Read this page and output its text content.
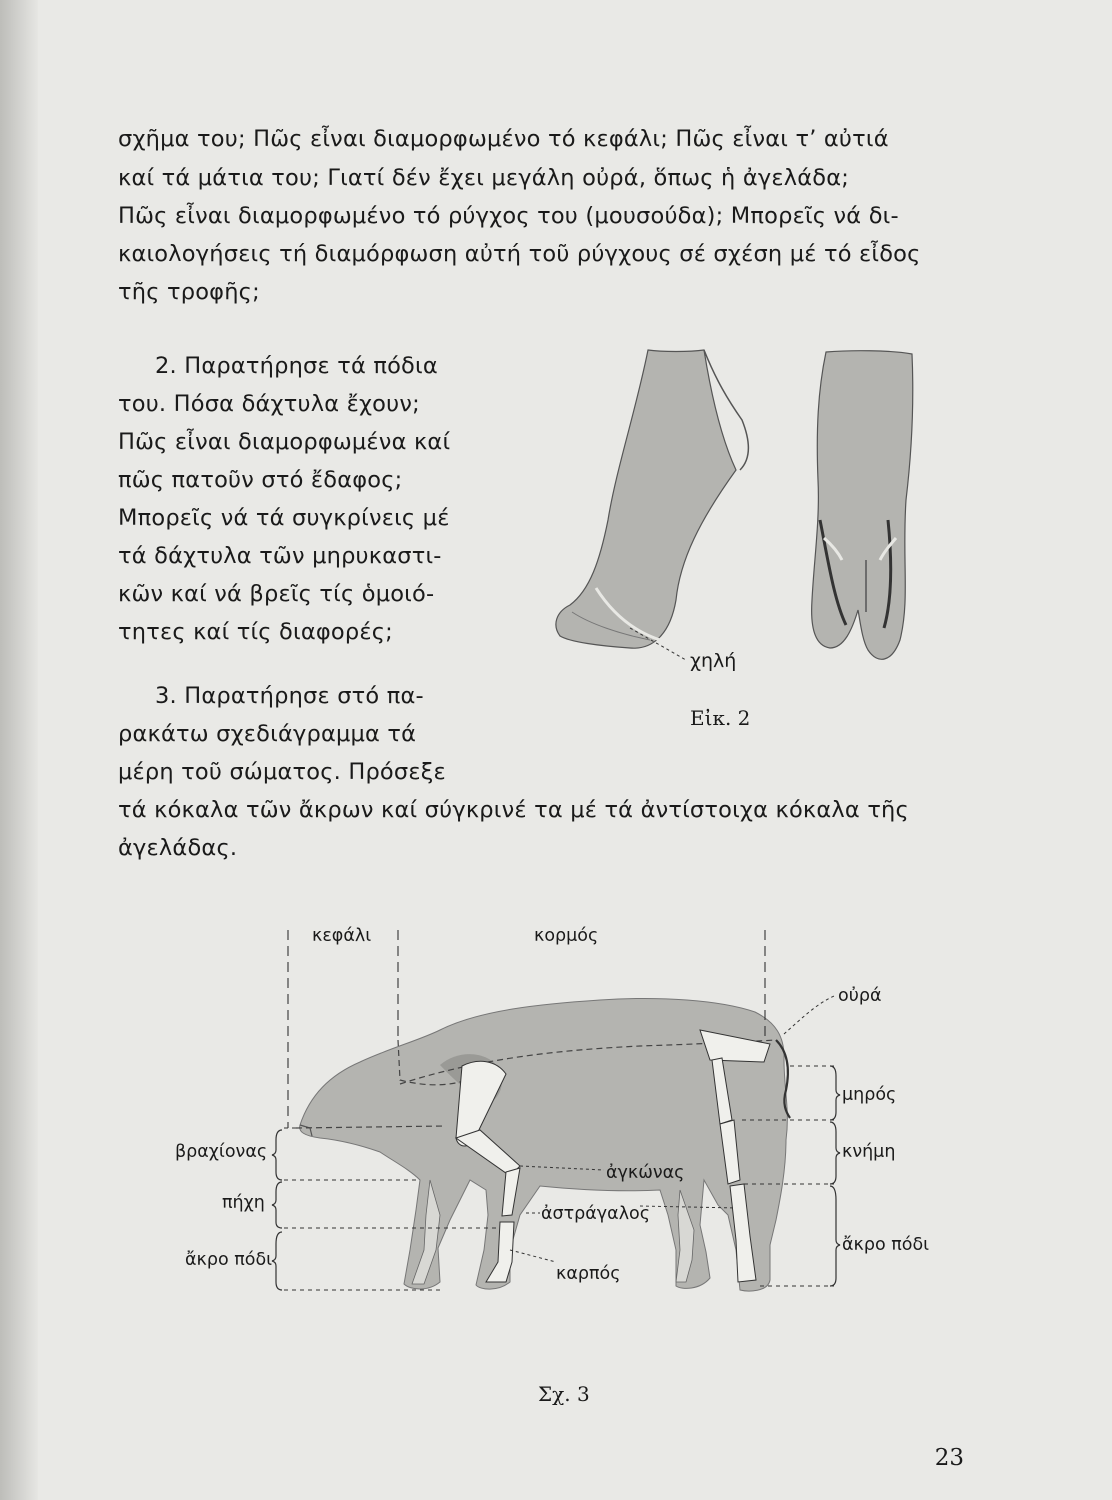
σχῆμα του; Πῶς εἶναι διαμορφωμένο τό κεφάλι; Πῶς εἶναι τ’ αὐτιά
καί τά μάτια του; Γιατί δέν ἔχει μεγάλη οὐρά, ὅπως ἡ ἀγελάδα;
Πῶς εἶναι διαμορφωμένο τό ρύγχος του (μουσούδα); Μπορεῖς νά δι-
καιολογήσεις τή διαμόρφωση αὐτή τοῦ ρύγχους σέ σχέση μέ τό εἶδος
τῆς τροφῆς;
2. Παρατήρησε τά πόδια
του. Πόσα δάχτυλα ἔχουν;
Πῶς εἶναι διαμορφωμένα καί
πῶς πατοῦν στό ἔδαφος;
Μπορεῖς νά τά συγκρίνεις μέ
τά δάχτυλα τῶν μηρυκαστι-
κῶν καί νά βρεῖς τίς ὁμοιό-
τητες καί τίς διαφορές;
3. Παρατήρησε στό πα-
ρακάτω σχεδιάγραμμα τά
μέρη τοῦ σώματος. Πρόσεξε
τά κόκαλα τῶν ἄκρων καί σύγκρινέ τα μέ τά ἀντίστοιχα κόκαλα τῆς
ἀγελάδας.
χηλή
Εἰκ. 2
κεφάλι	κορμός
οὐρά
μηρός
κνήμη
ἄκρο πόδι
βραχίονας
πήχη
ἄκρο πόδι
ἀγκώνας
ἀστράγαλος
καρπός
Σχ. 3
23
